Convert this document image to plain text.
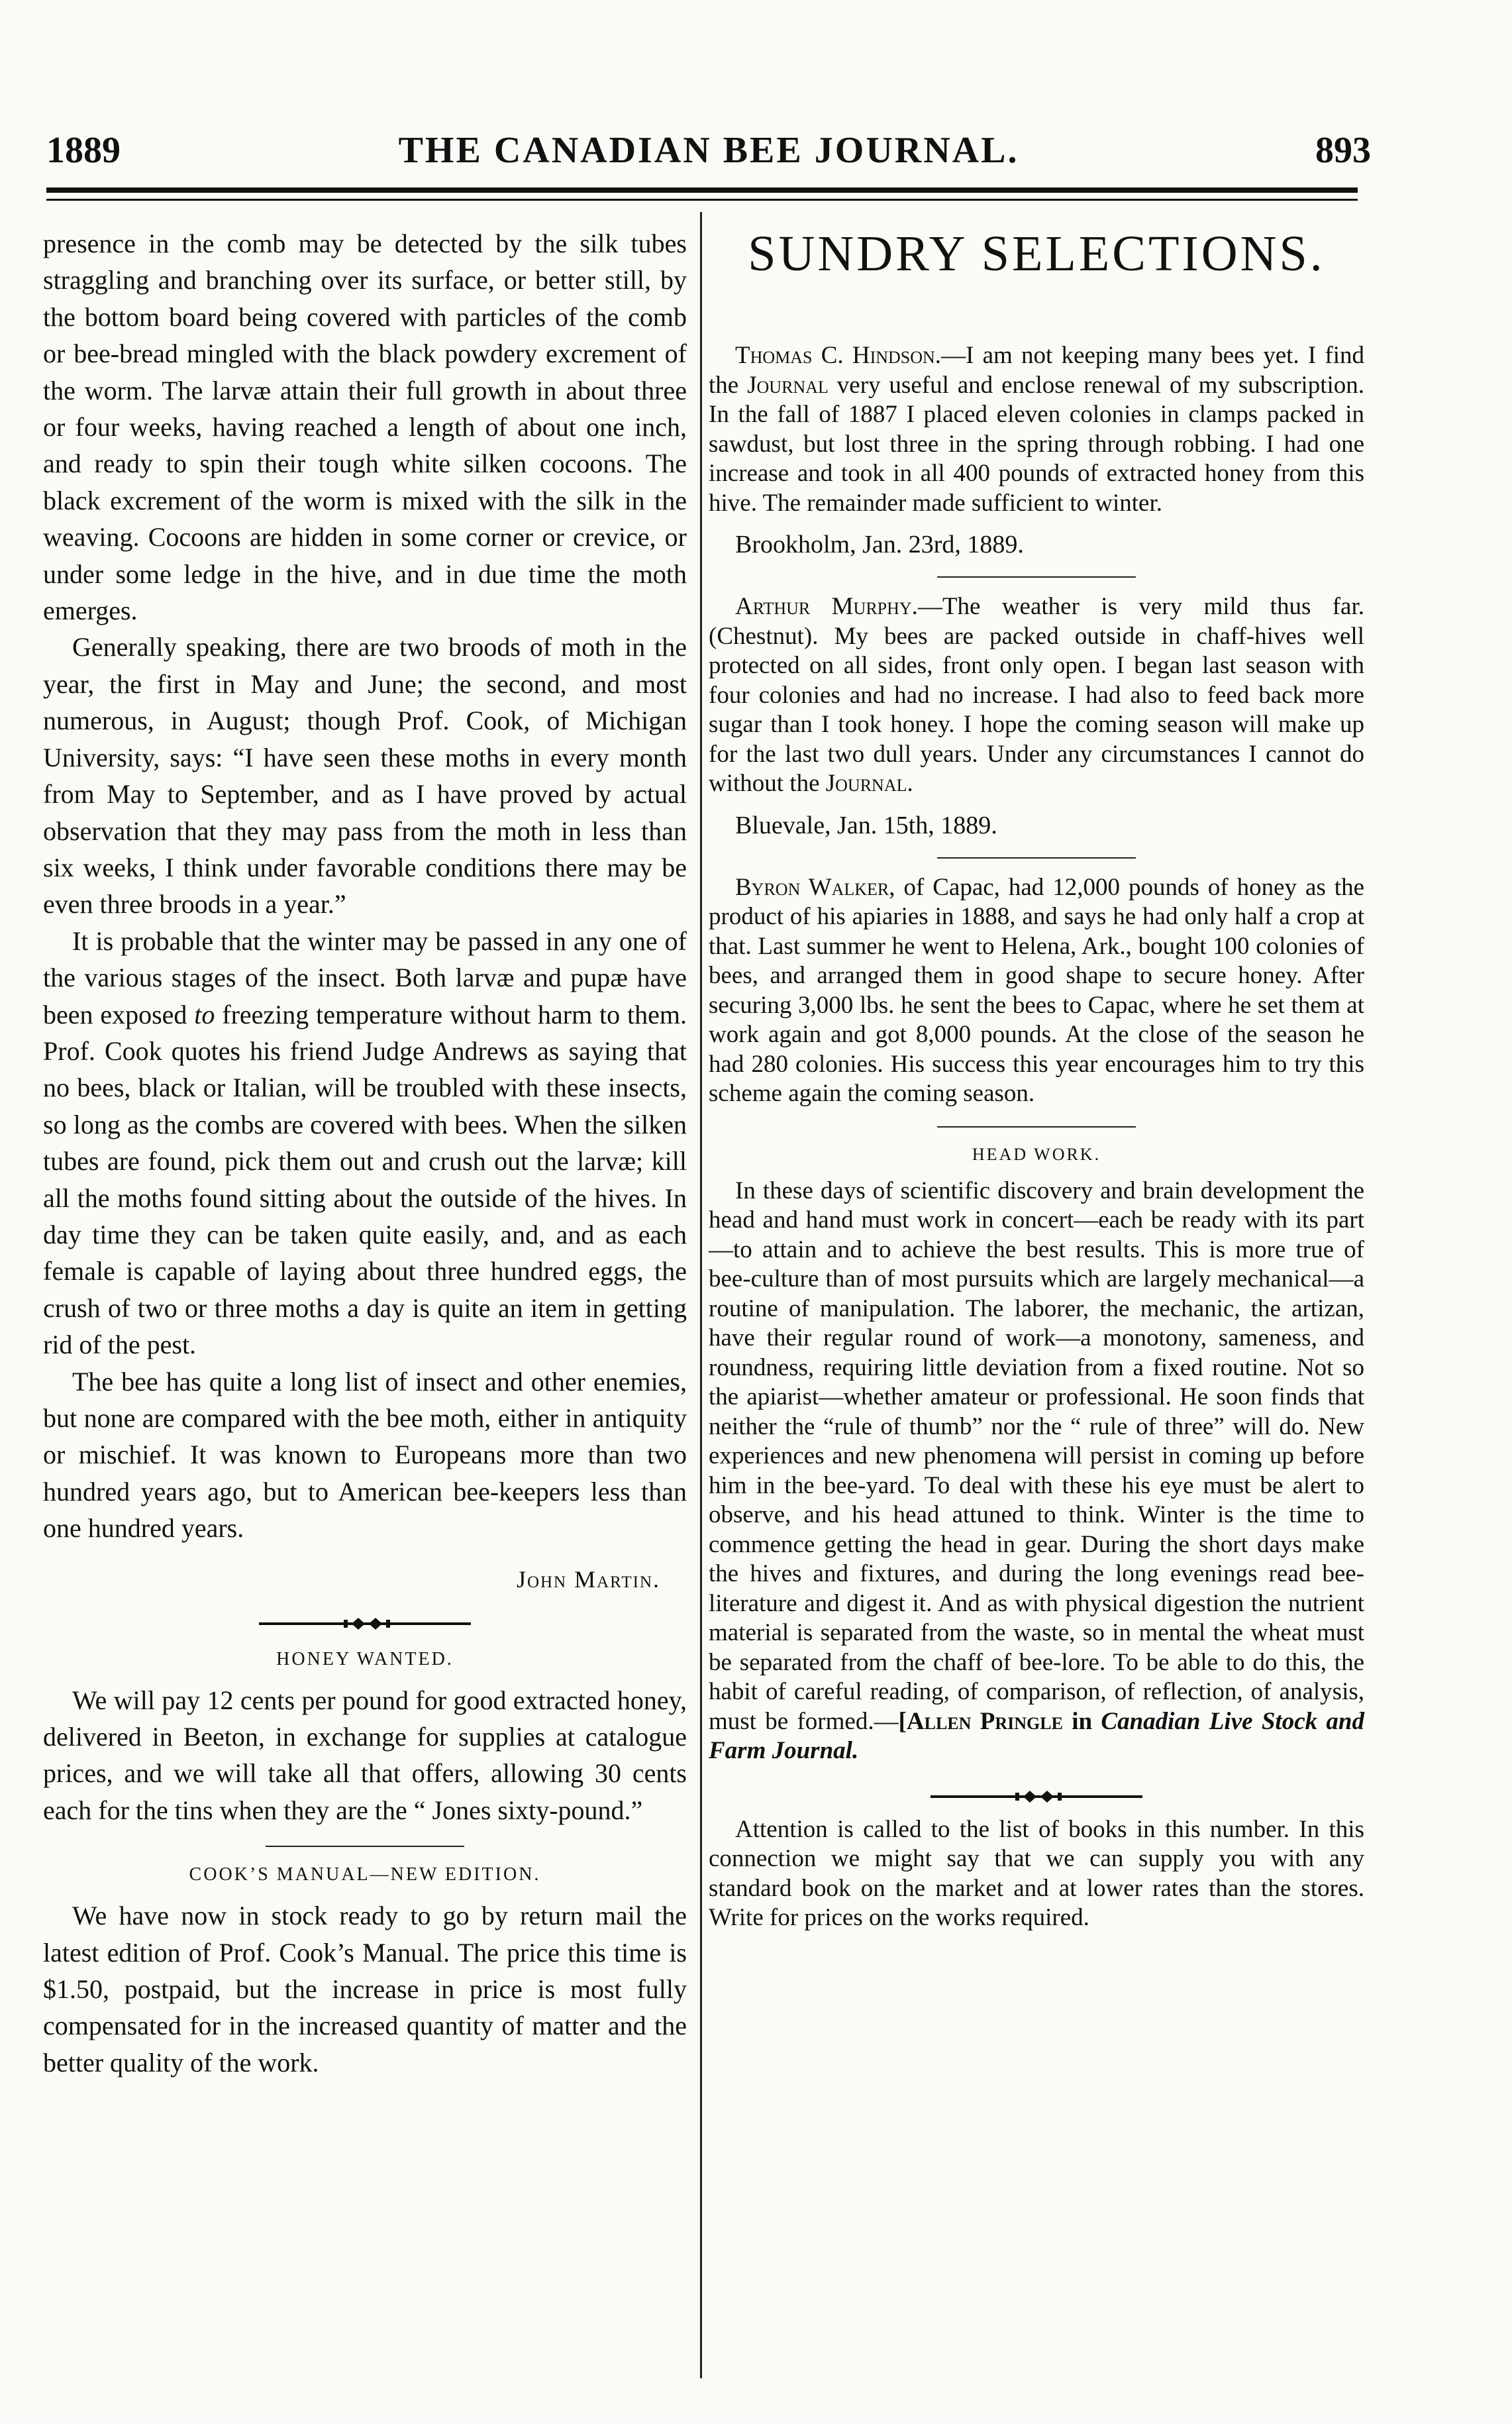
1889	THE CANADIAN BEE JOURNAL.	893

presence in the comb may be detected by the silk tubes straggling and branching over its surface, or better still, by the bottom board being covered with particles of the comb or bee-bread mingled with the black powdery excrement of the worm. The larvæ attain their full growth in about three or four weeks, having reached a length of about one inch, and ready to spin their tough white silken cocoons. The black excrement of the worm is mixed with the silk in the weaving. Cocoons are hidden in some corner or crevice, or under some ledge in the hive, and in due time the moth emerges.

Generally speaking, there are two broods of moth in the year, the first in May and June; the second, and most numerous, in August; though Prof. Cook, of Michigan University, says: “I have seen these moths in every month from May to September, and as I have proved by actual observation that they may pass from the moth in less than six weeks, I think under favorable conditions there may be even three broods in a year.”

It is probable that the winter may be passed in any one of the various stages of the insect. Both larvæ and pupæ have been exposed to freezing temperature without harm to them. Prof. Cook quotes his friend Judge Andrews as saying that no bees, black or Italian, will be troubled with these insects, so long as the combs are covered with bees. When the silken tubes are found, pick them out and crush out the larvæ; kill all the moths found sitting about the outside of the hives. In day time they can be taken quite easily, and, and as each female is capable of laying about three hundred eggs, the crush of two or three moths a day is quite an item in getting rid of the pest.

The bee has quite a long list of insect and other enemies, but none are compared with the bee moth, either in antiquity or mischief. It was known to Europeans more than two hundred years ago, but to American bee-keepers less than one hundred years.

John Martin.
HONEY WANTED.

We will pay 12 cents per pound for good extracted honey, delivered in Beeton, in exchange for supplies at catalogue prices, and we will take all that offers, allowing 30 cents each for the tins when they are the “ Jones sixty-pound.”

COOK’S MANUAL—NEW EDITION.

We have now in stock ready to go by return mail the latest edition of Prof. Cook’s Manual. The price this time is $1.50, postpaid, but the increase in price is most fully compensated for in the increased quantity of matter and the better quality of the work.

SUNDRY SELECTIONS.

Thomas C. Hindson.—I am not keeping many bees yet. I find the Journal very useful and enclose renewal of my subscription. In the fall of 1887 I placed eleven colonies in clamps packed in sawdust, but lost three in the spring through robbing. I had one increase and took in all 400 pounds of extracted honey from this hive. The remainder made sufficient to winter.

Brookholm, Jan. 23rd, 1889.

Arthur Murphy.—The weather is very mild thus far. (Chestnut). My bees are packed outside in chaff-hives well protected on all sides, front only open. I began last season with four colonies and had no increase. I had also to feed back more sugar than I took honey. I hope the coming season will make up for the last two dull years. Under any circumstances I cannot do without the Journal.

Bluevale, Jan. 15th, 1889.

Byron Walker, of Capac, had 12,000 pounds of honey as the product of his apiaries in 1888, and says he had only half a crop at that. Last summer he went to Helena, Ark., bought 100 colonies of bees, and arranged them in good shape to secure honey. After securing 3,000 lbs. he sent the bees to Capac, where he set them at work again and got 8,000 pounds. At the close of the season he had 280 colonies. His success this year encourages him to try this scheme again the coming season.

HEAD WORK.

In these days of scientific discovery and brain development the head and hand must work in concert—each be ready with its part —to attain and to achieve the best results. This is more true of bee-culture than of most pursuits which are largely mechanical—a routine of manipulation. The laborer, the mechanic, the artizan, have their regular round of work—a monotony, sameness, and roundness, requiring little deviation from a fixed routine. Not so the apiarist—whether amateur or professional. He soon finds that neither the “rule of thumb” nor the “ rule of three” will do. New experiences and new phenomena will persist in coming up before him in the bee-yard. To deal with these his eye must be alert to observe, and his head attuned to think. Winter is the time to commence getting the head in gear. During the short days make the hives and fixtures, and during the long evenings read bee-literature and digest it. And as with physical digestion the nutrient material is separated from the waste, so in mental the wheat must be separated from the chaff of bee-lore. To be able to do this, the habit of careful reading, of comparison, of reflection, of analysis, must be formed.—[Allen Pringle in Canadian Live Stock and Farm Journal.

Attention is called to the list of books in this number. In this connection we might say that we can supply you with any standard book on the market and at lower rates than the stores. Write for prices on the works required.
